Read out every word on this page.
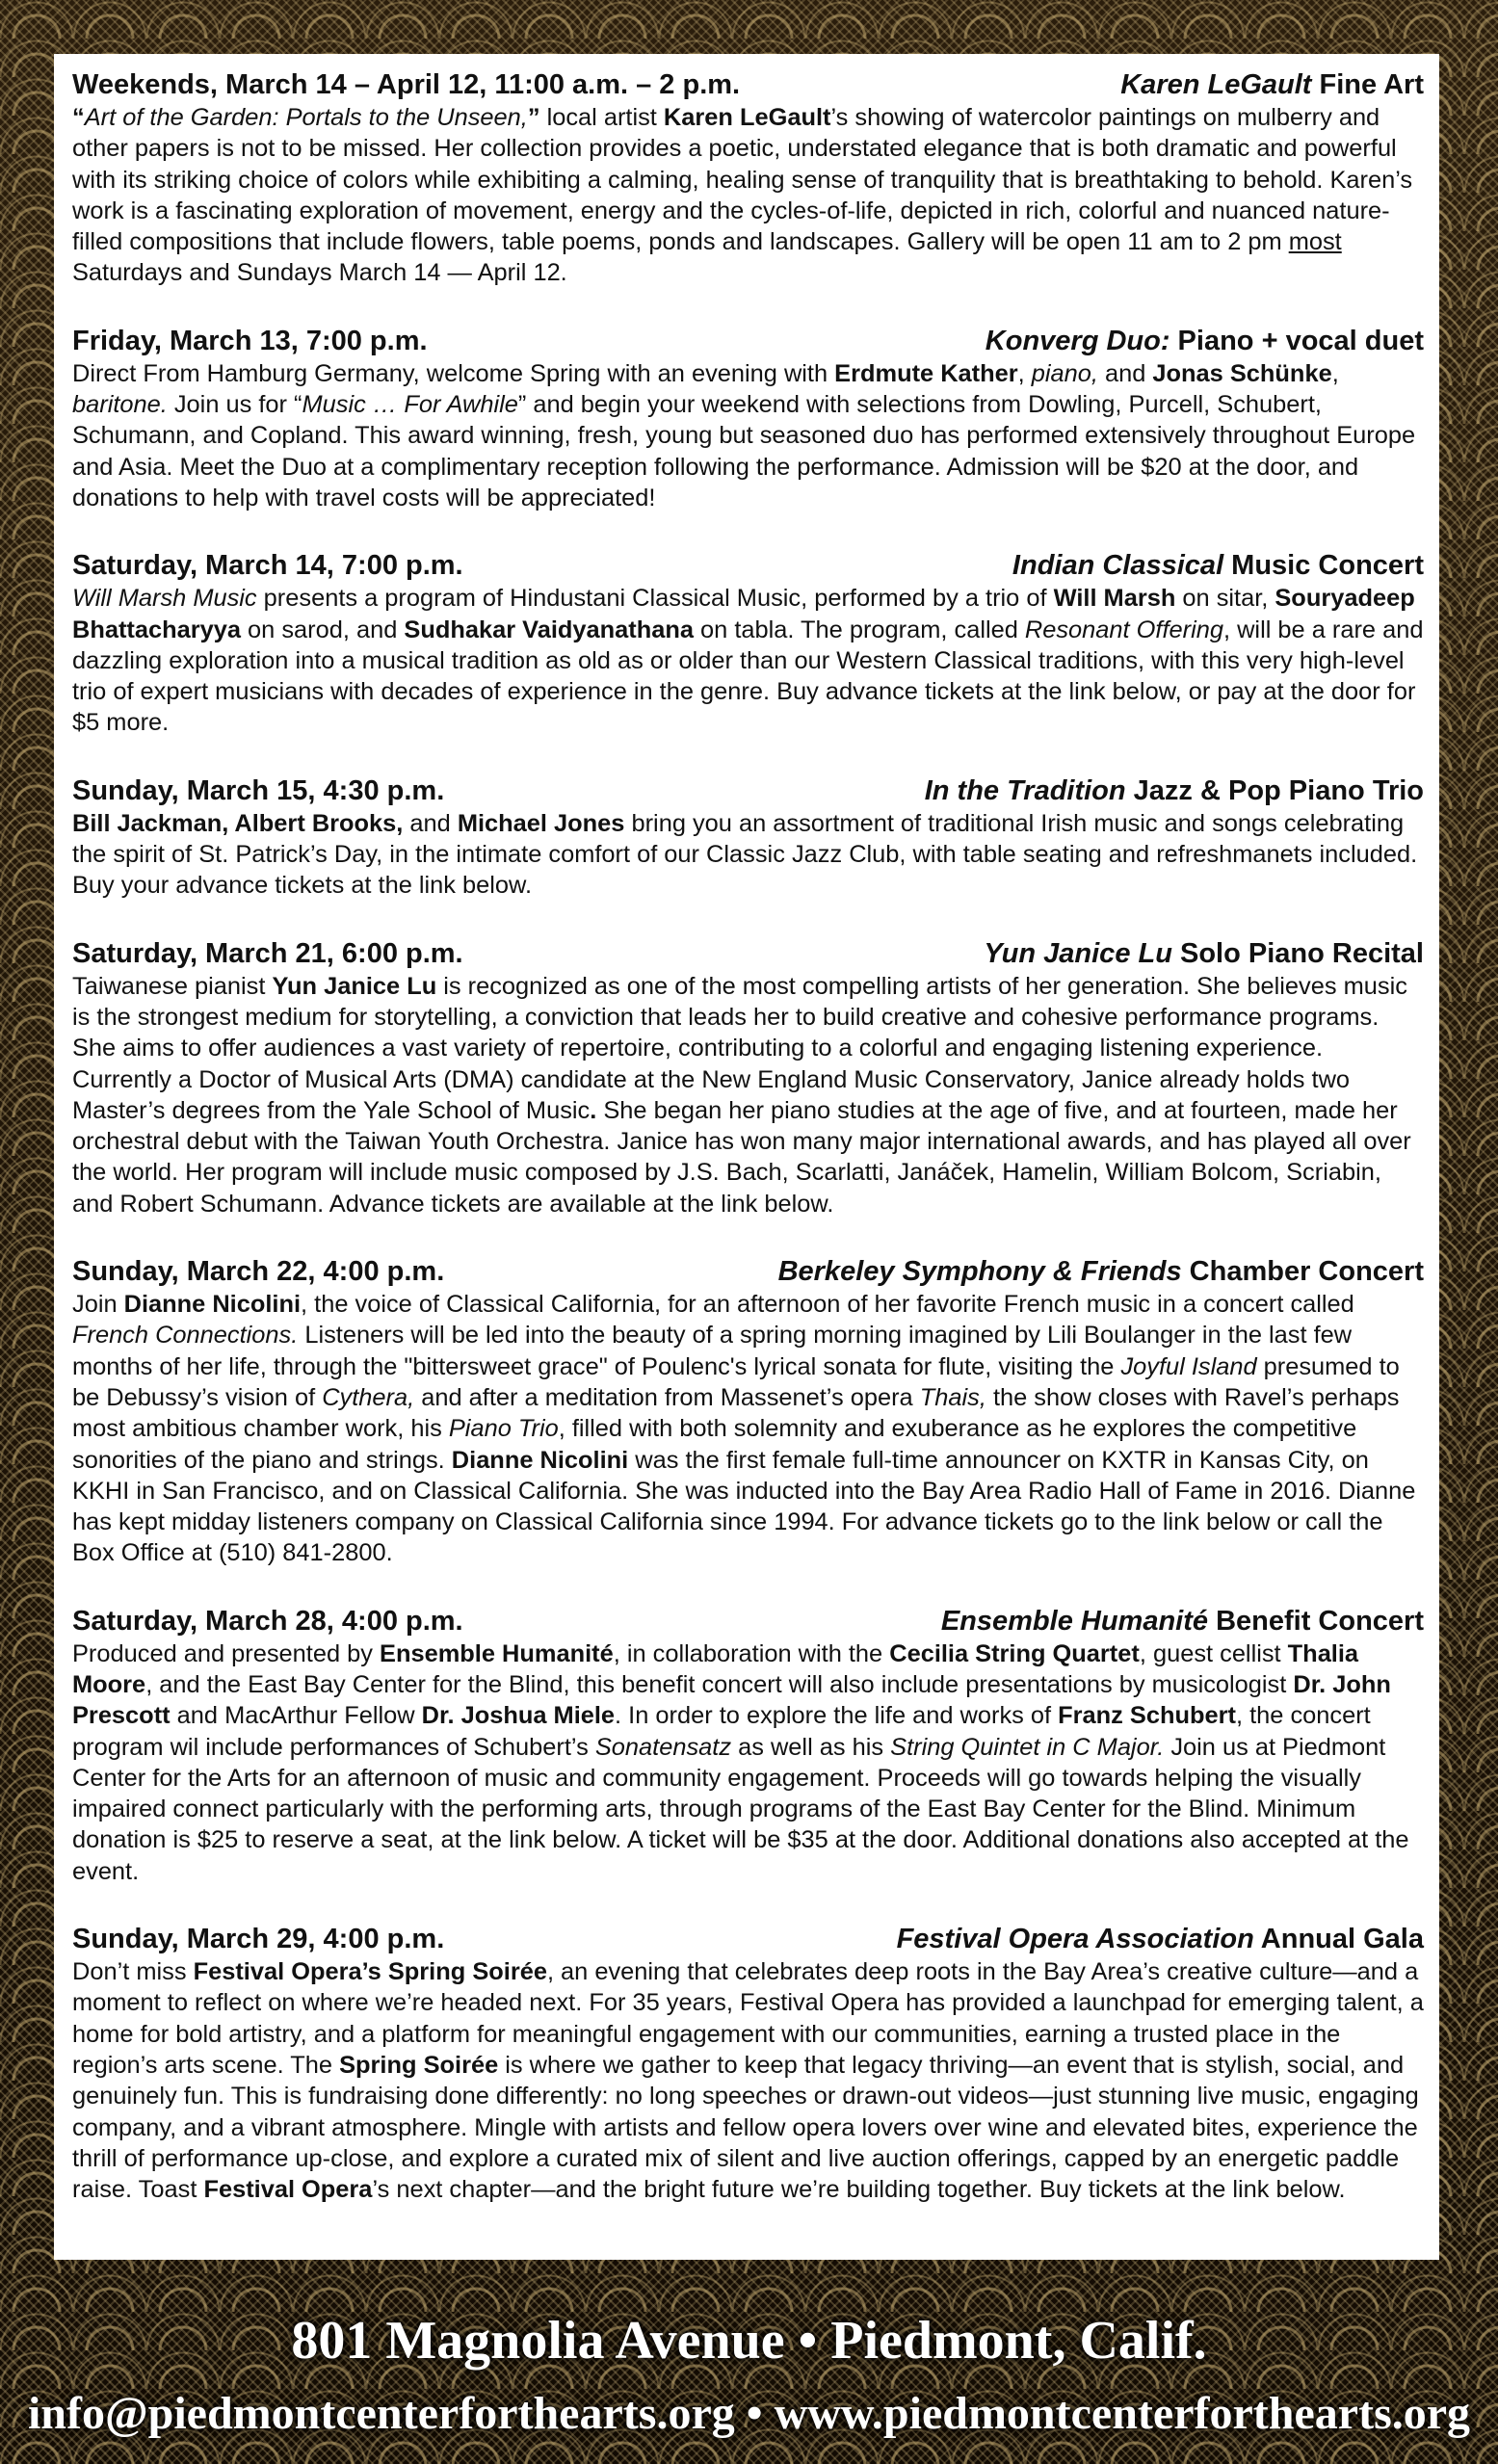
Weekends, March 14 – April 12, 11:00 a.m. – 2 p.m.	Karen LeGault Fine Art

“Art of the Garden: Portals to the Unseen,” local artist Karen LeGault’s showing of watercolor paintings on mulberry and other papers is not to be missed. Her collection provides a poetic, understated elegance that is both dramatic and powerful with its striking choice of colors while exhibiting a calming, healing sense of tranquility that is breathtaking to behold. Karen’s work is a fascinating exploration of movement, energy and the cycles-of-life, depicted in rich, colorful and nuanced nature-filled compositions that include flowers, table poems, ponds and landscapes. Gallery will be open 11 am to 2 pm most Saturdays and Sundays March 14 — April 12.

Friday, March 13, 7:00 p.m.	Konverg Duo: Piano + vocal duet

Direct From Hamburg Germany, welcome Spring with an evening with Erdmute Kather, piano, and Jonas Schünke, baritone. Join us for “Music … For Awhile” and begin your weekend with selections from Dowling, Purcell, Schubert, Schumann, and Copland. This award winning, fresh, young but seasoned duo has performed extensively throughout Europe and Asia. Meet the Duo at a complimentary reception following the performance. Admission will be $20 at the door, and donations to help with travel costs will be appreciated!

Saturday, March 14, 7:00 p.m.	Indian Classical Music Concert

Will Marsh Music presents a program of Hindustani Classical Music, performed by a trio of Will Marsh on sitar, Souryadeep Bhattacharyya on sarod, and Sudhakar Vaidyanathana on tabla. The program, called Resonant Offering, will be a rare and dazzling exploration into a musical tradition as old as or older than our Western Classical traditions, with this very high-level trio of expert musicians with decades of experience in the genre. Buy advance tickets at the link below, or pay at the door for $5 more.

Sunday, March 15, 4:30 p.m.	In the Tradition Jazz & Pop Piano Trio

Bill Jackman, Albert Brooks, and Michael Jones bring you an assortment of traditional Irish music and songs celebrating the spirit of St. Patrick’s Day, in the intimate comfort of our Classic Jazz Club, with table seating and refreshmanets included. Buy your advance tickets at the link below.

Saturday, March 21, 6:00 p.m.	Yun Janice Lu Solo Piano Recital

Taiwanese pianist Yun Janice Lu is recognized as one of the most compelling artists of her generation. She believes music is the strongest medium for storytelling, a conviction that leads her to build creative and cohesive performance programs. She aims to offer audiences a vast variety of repertoire, contributing to a colorful and engaging listening experience. Currently a Doctor of Musical Arts (DMA) candidate at the New England Music Conservatory, Janice already holds two Master’s degrees from the Yale School of Music. She began her piano studies at the age of five, and at fourteen, made her orchestral debut with the Taiwan Youth Orchestra. Janice has won many major international awards, and has played all over the world. Her program will include music composed by J.S. Bach, Scarlatti, Janáček, Hamelin, William Bolcom, Scriabin, and Robert Schumann. Advance tickets are available at the link below.

Sunday, March 22, 4:00 p.m.	Berkeley Symphony & Friends Chamber Concert

Join Dianne Nicolini, the voice of Classical California, for an afternoon of her favorite French music in a concert called French Connections. Listeners will be led into the beauty of a spring morning imagined by Lili Boulanger in the last few months of her life, through the "bittersweet grace" of Poulenc's lyrical sonata for flute, visiting the Joyful Island presumed to be Debussy’s vision of Cythera, and after a meditation from Massenet’s opera Thais, the show closes with Ravel’s perhaps most ambitious chamber work, his Piano Trio, filled with both solemnity and exuberance as he explores the competitive sonorities of the piano and strings. Dianne Nicolini was the first female full-time announcer on KXTR in Kansas City, on KKHI in San Francisco, and on Classical California. She was inducted into the Bay Area Radio Hall of Fame in 2016. Dianne has kept midday listeners company on Classical California since 1994. For advance tickets go to the link below or call the Box Office at (510) 841-2800.

Saturday, March 28, 4:00 p.m.	Ensemble Humanité Benefit Concert

Produced and presented by Ensemble Humanité, in collaboration with the Cecilia String Quartet, guest cellist Thalia Moore, and the East Bay Center for the Blind, this benefit concert will also include presentations by musicologist Dr. John Prescott and MacArthur Fellow Dr. Joshua Miele. In order to explore the life and works of Franz Schubert, the concert program wil include performances of Schubert’s Sonatensatz as well as his String Quintet in C Major. Join us at Piedmont Center for the Arts for an afternoon of music and community engagement. Proceeds will go towards helping the visually impaired connect particularly with the performing arts, through programs of the East Bay Center for the Blind. Minimum donation is $25 to reserve a seat, at the link below. A ticket will be $35 at the door. Additional donations also accepted at the event.

Sunday, March 29, 4:00 p.m.	Festival Opera Association Annual Gala

Don’t miss Festival Opera’s Spring Soirée, an evening that celebrates deep roots in the Bay Area’s creative culture—and a moment to reflect on where we’re headed next. For 35 years, Festival Opera has provided a launchpad for emerging talent, a home for bold artistry, and a platform for meaningful engagement with our communities, earning a trusted place in the region’s arts scene. The Spring Soirée is where we gather to keep that legacy thriving—an event that is stylish, social, and genuinely fun. This is fundraising done differently: no long speeches or drawn-out videos—just stunning live music, engaging company, and a vibrant atmosphere. Mingle with artists and fellow opera lovers over wine and elevated bites, experience the thrill of performance up-close, and explore a curated mix of silent and live auction offerings, capped by an energetic paddle raise. Toast Festival Opera’s next chapter—and the bright future we’re building together. Buy tickets at the link below.

801 Magnolia Avenue • Piedmont, Calif.
info@piedmontcenterforthearts.org • www.piedmontcenterforthearts.org
